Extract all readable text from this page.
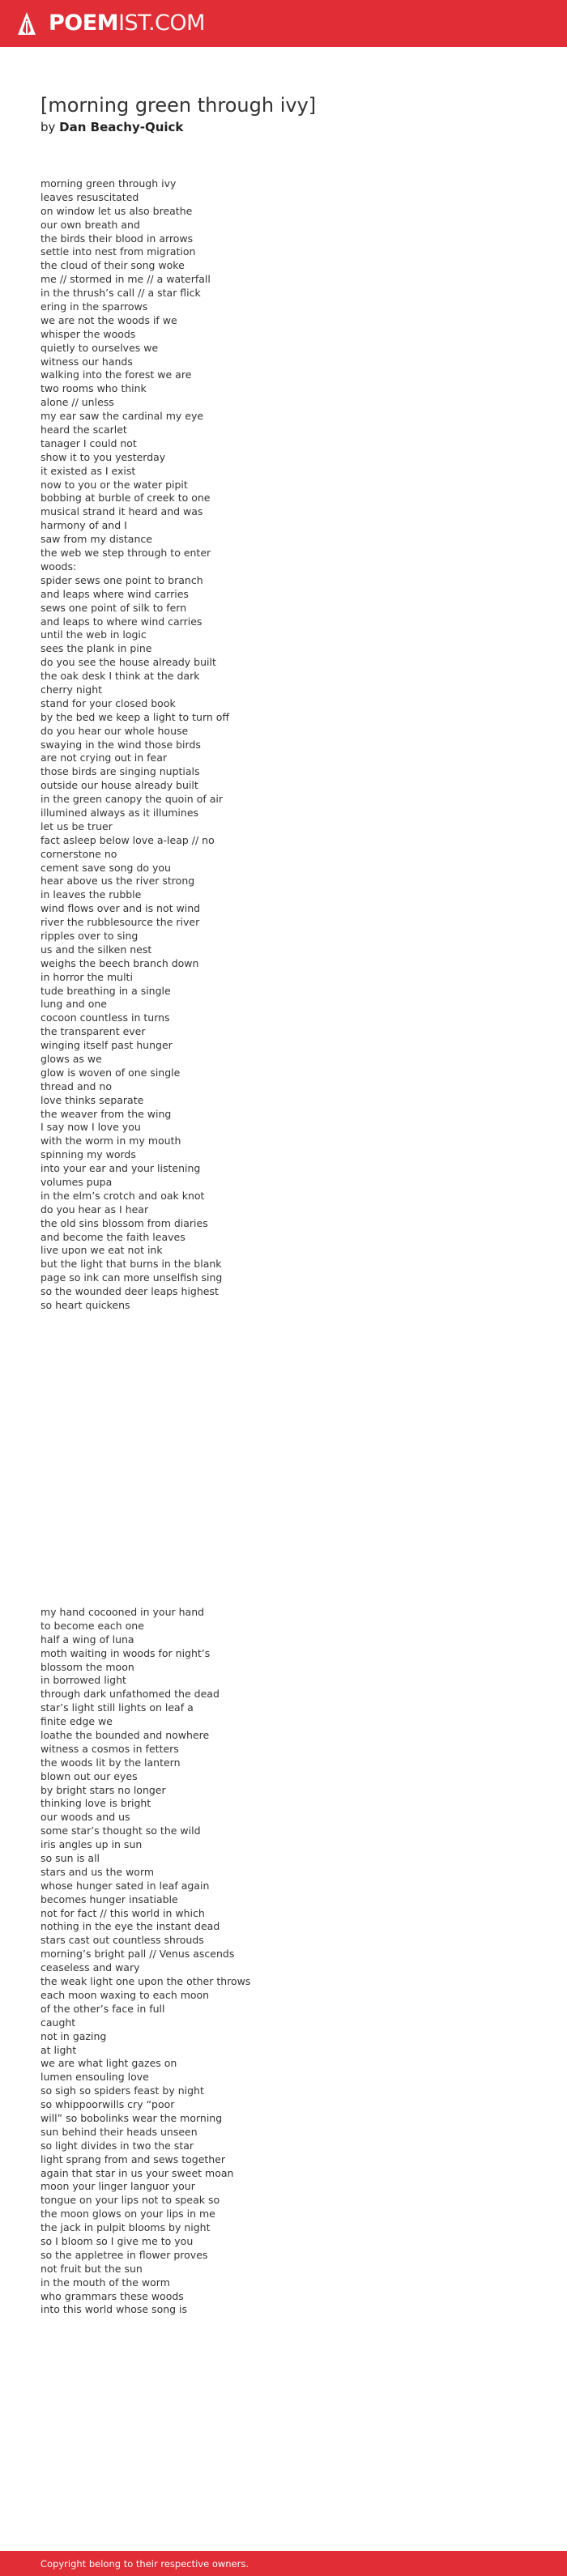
POEMIST.COM
[morning green through ivy]
by Dan Beachy-Quick
morning green through ivy
leaves resuscitated
on window let us also breathe
our own breath and
the birds their blood in arrows
settle into nest from migration
the cloud of their song woke
me // stormed in me // a waterfall
in the thrush’s call // a star flick
ering in the sparrows
we are not the woods if we
whisper the woods
quietly to ourselves we
witness our hands
walking into the forest we are
two rooms who think
alone // unless
my ear saw the cardinal my eye
heard the scarlet
tanager I could not
show it to you yesterday
it existed as I exist
now to you or the water pipit
bobbing at burble of creek to one
musical strand it heard and was
harmony of and I
saw from my distance
the web we step through to enter
woods:
spider sews one point to branch
and leaps where wind carries
sews one point of silk to fern
and leaps to where wind carries
until the web in logic
sees the plank in pine
do you see the house already built
the oak desk I think at the dark
cherry night
stand for your closed book
by the bed we keep a light to turn off
do you hear our whole house
swaying in the wind those birds
are not crying out in fear
those birds are singing nuptials
outside our house already built
in the green canopy the quoin of air
illumined always as it illumines
let us be truer
fact asleep below love a-leap // no
cornerstone no
cement save song do you
hear above us the river strong
in leaves the rubble
wind flows over and is not wind
river the rubblesource the river
ripples over to sing
us and the silken nest
weighs the beech branch down
in horror the multi
tude breathing in a single
lung and one
cocoon countless in turns
the transparent ever
winging itself past hunger
glows as we
glow is woven of one single
thread and no
love thinks separate
the weaver from the wing
I say now I love you
with the worm in my mouth
spinning my words
into your ear and your listening
volumes pupa
in the elm’s crotch and oak knot
do you hear as I hear
the old sins blossom from diaries
and become the faith leaves
live upon we eat not ink
but the light that burns in the blank
page so ink can more unselfish sing
so the wounded deer leaps highest
so heart quickens
my hand cocooned in your hand
to become each one
half a wing of luna
moth waiting in woods for night’s
blossom the moon
in borrowed light
through dark unfathomed the dead
star’s light still lights on leaf a
finite edge we
loathe the bounded and nowhere
witness a cosmos in fetters
the woods lit by the lantern
blown out our eyes
by bright stars no longer
thinking love is bright
our woods and us
some star’s thought so the wild
iris angles up in sun
so sun is all
stars and us the worm
whose hunger sated in leaf again
becomes hunger insatiable
not for fact // this world in which
nothing in the eye the instant dead
stars cast out countless shrouds
morning’s bright pall // Venus ascends
ceaseless and wary
the weak light one upon the other throws
each moon waxing to each moon
of the other’s face in full
caught
not in gazing
at light
we are what light gazes on
lumen ensouling love
so sigh so spiders feast by night
so whippoorwills cry “poor
will” so bobolinks wear the morning
sun behind their heads unseen
so light divides in two the star
light sprang from and sews together
again that star in us your sweet moan
moon your linger languor your
tongue on your lips not to speak so
the moon glows on your lips in me
the jack in pulpit blooms by night
so I bloom so I give me to you
so the appletree in flower proves
not fruit but the sun
in the mouth of the worm
who grammars these woods
into this world whose song is
Copyright belong to their respective owners.
